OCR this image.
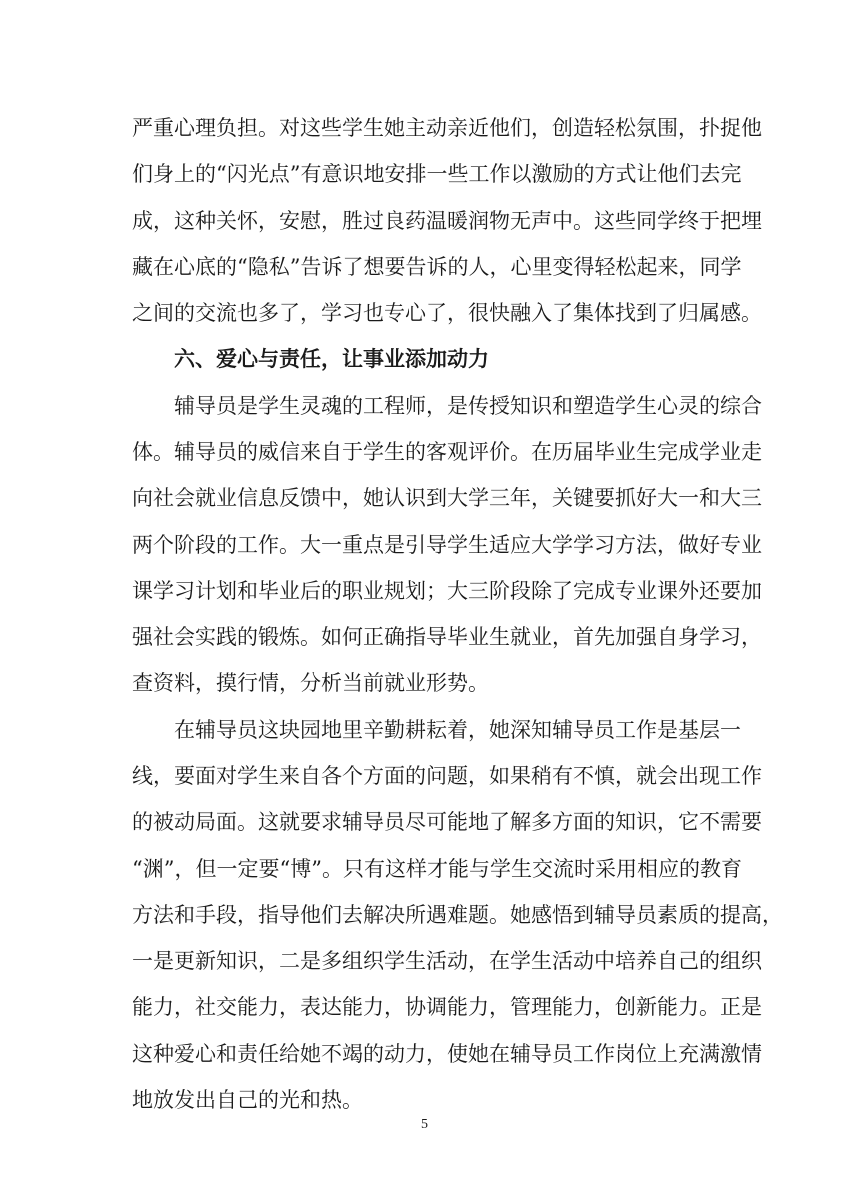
严重心理负担。对这些学生她主动亲近他们，创造轻松氛围，扑捉他
们身上的“闪光点”有意识地安排一些工作以激励的方式让他们去完
成，这种关怀，安慰，胜过良药温暖润物无声中。这些同学终于把埋
藏在心底的“隐私”告诉了想要告诉的人，心里变得轻松起来，同学
之间的交流也多了，学习也专心了，很快融入了集体找到了归属感。
六、爱心与责任，让事业添加动力
辅导员是学生灵魂的工程师，是传授知识和塑造学生心灵的综合
体。辅导员的威信来自于学生的客观评价。在历届毕业生完成学业走
向社会就业信息反馈中，她认识到大学三年，关键要抓好大一和大三
两个阶段的工作。大一重点是引导学生适应大学学习方法，做好专业
课学习计划和毕业后的职业规划；大三阶段除了完成专业课外还要加
强社会实践的锻炼。如何正确指导毕业生就业，首先加强自身学习，
查资料，摸行情，分析当前就业形势。
在辅导员这块园地里辛勤耕耘着，她深知辅导员工作是基层一
线，要面对学生来自各个方面的问题，如果稍有不慎，就会出现工作
的被动局面。这就要求辅导员尽可能地了解多方面的知识，它不需要
“渊”，但一定要“博”。只有这样才能与学生交流时采用相应的教育
方法和手段，指导他们去解决所遇难题。她感悟到辅导员素质的提高，
一是更新知识，二是多组织学生活动，在学生活动中培养自己的组织
能力，社交能力，表达能力，协调能力，管理能力，创新能力。正是
这种爱心和责任给她不竭的动力，使她在辅导员工作岗位上充满激情
地放发出自己的光和热。
5
